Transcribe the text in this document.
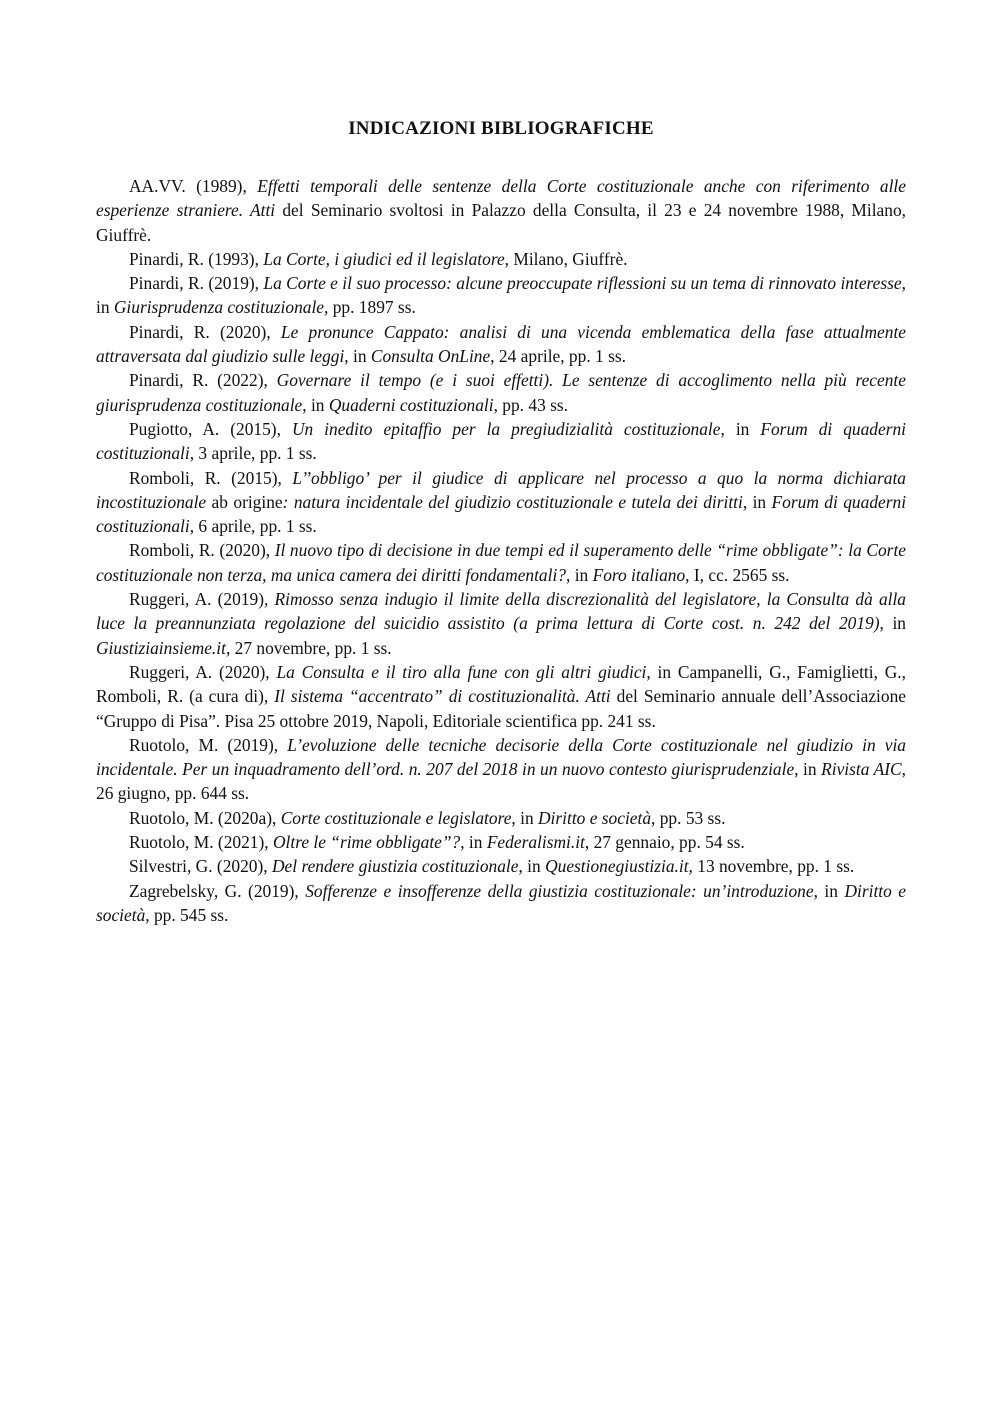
INDICAZIONI BIBLIOGRAFICHE

AA.VV. (1989), Effetti temporali delle sentenze della Corte costituzionale anche con riferimento alle esperienze straniere. Atti del Seminario svoltosi in Palazzo della Consulta, il 23 e 24 novembre 1988, Milano, Giuffrè.

Pinardi, R. (1993), La Corte, i giudici ed il legislatore, Milano, Giuffrè.

Pinardi, R. (2019), La Corte e il suo processo: alcune preoccupate riflessioni su un tema di rinnovato interesse, in Giurisprudenza costituzionale, pp. 1897 ss.

Pinardi, R. (2020), Le pronunce Cappato: analisi di una vicenda emblematica della fase attualmente attraversata dal giudizio sulle leggi, in Consulta OnLine, 24 aprile, pp. 1 ss.

Pinardi, R. (2022), Governare il tempo (e i suoi effetti). Le sentenze di accoglimento nella più recente giurisprudenza costituzionale, in Quaderni costituzionali, pp. 43 ss.

Pugiotto, A. (2015), Un inedito epitaffio per la pregiudizialità costituzionale, in Forum di quaderni costituzionali, 3 aprile, pp. 1 ss.

Romboli, R. (2015), L’’obbligo’ per il giudice di applicare nel processo a quo la norma dichiarata incostituzionale ab origine: natura incidentale del giudizio costituzionale e tutela dei diritti, in Forum di quaderni costituzionali, 6 aprile, pp. 1 ss.

Romboli, R. (2020), Il nuovo tipo di decisione in due tempi ed il superamento delle “rime obbligate”: la Corte costituzionale non terza, ma unica camera dei diritti fondamentali?, in Foro italiano, I, cc. 2565 ss.

Ruggeri, A. (2019), Rimosso senza indugio il limite della discrezionalità del legislatore, la Consulta dà alla luce la preannunziata regolazione del suicidio assistito (a prima lettura di Corte cost. n. 242 del 2019), in Giustiziainsieme.it, 27 novembre, pp. 1 ss.

Ruggeri, A. (2020), La Consulta e il tiro alla fune con gli altri giudici, in Campanelli, G., Famiglietti, G., Romboli, R. (a cura di), Il sistema “accentrato” di costituzionalità. Atti del Seminario annuale dell’Associazione “Gruppo di Pisa”. Pisa 25 ottobre 2019, Napoli, Editoriale scientifica pp. 241 ss.

Ruotolo, M. (2019), L’evoluzione delle tecniche decisorie della Corte costituzionale nel giudizio in via incidentale. Per un inquadramento dell’ord. n. 207 del 2018 in un nuovo contesto giurisprudenziale, in Rivista AIC, 26 giugno, pp. 644 ss.

Ruotolo, M. (2020a), Corte costituzionale e legislatore, in Diritto e società, pp. 53 ss.

Ruotolo, M. (2021), Oltre le “rime obbligate”?, in Federalismi.it, 27 gennaio, pp. 54 ss.

Silvestri, G. (2020), Del rendere giustizia costituzionale, in Questionegiustizia.it, 13 novembre, pp. 1 ss.

Zagrebelsky, G. (2019), Sofferenze e insofferenze della giustizia costituzionale: un’introduzione, in Diritto e società, pp. 545 ss.
